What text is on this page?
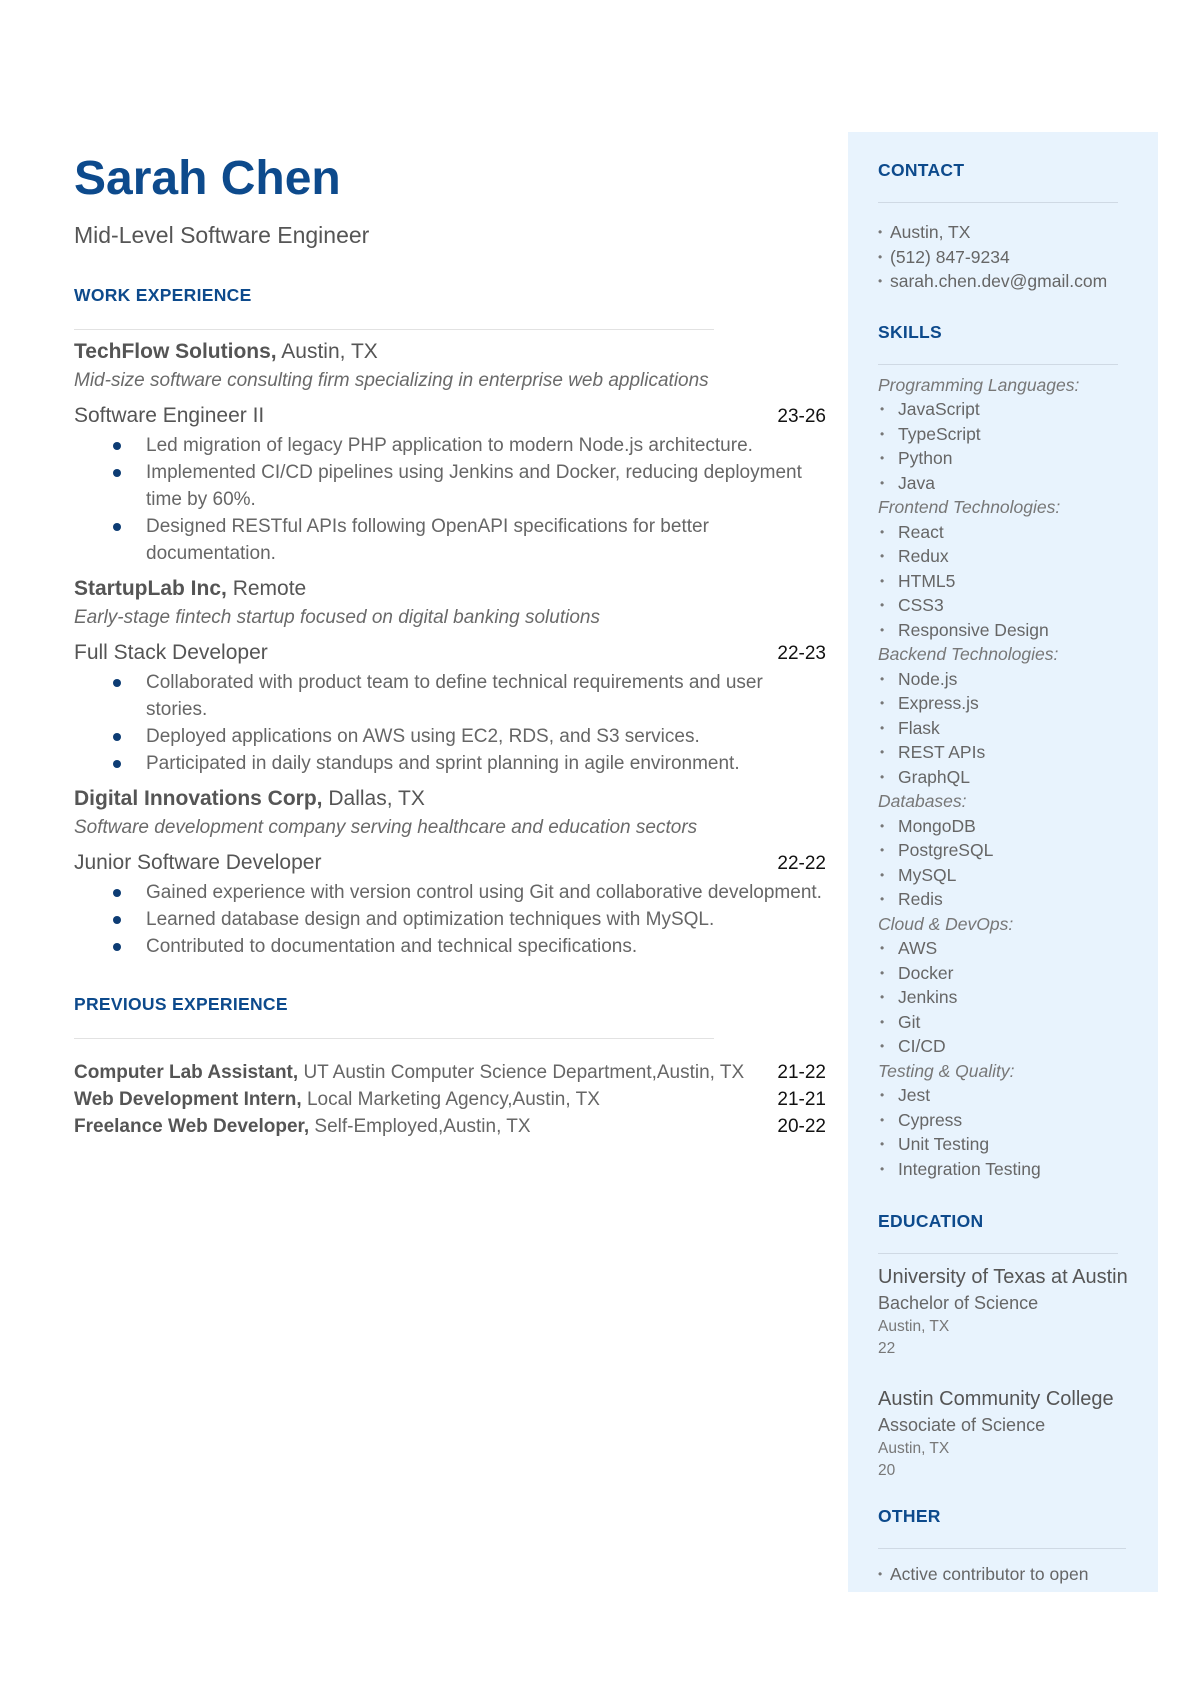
Sarah Chen
Mid-Level Software Engineer
WORK EXPERIENCE
TechFlow Solutions, Austin, TX
Mid-size software consulting firm specializing in enterprise web applications
Software Engineer II	23-26
Led migration of legacy PHP application to modern Node.js architecture.
Implemented CI/CD pipelines using Jenkins and Docker, reducing deployment time by 60%.
Designed RESTful APIs following OpenAPI specifications for better documentation.
StartupLab Inc, Remote
Early-stage fintech startup focused on digital banking solutions
Full Stack Developer	22-23
Collaborated with product team to define technical requirements and user stories.
Deployed applications on AWS using EC2, RDS, and S3 services.
Participated in daily standups and sprint planning in agile environment.
Digital Innovations Corp, Dallas, TX
Software development company serving healthcare and education sectors
Junior Software Developer	22-22
Gained experience with version control using Git and collaborative development.
Learned database design and optimization techniques with MySQL.
Contributed to documentation and technical specifications.
PREVIOUS EXPERIENCE
Computer Lab Assistant, UT Austin Computer Science Department,Austin, TX 21-22
Web Development Intern, Local Marketing Agency,Austin, TX	21-21
Freelance Web Developer, Self-Employed,Austin, TX	20-22
CONTACT
• Austin, TX
• (512) 847-9234
• sarah.chen.dev@gmail.com
SKILLS
Programming Languages:
• JavaScript
• TypeScript
• Python
• Java
Frontend Technologies:
• React
• Redux
• HTML5
• CSS3
• Responsive Design
Backend Technologies:
• Node.js
• Express.js
• Flask
• REST APIs
• GraphQL
Databases:
• MongoDB
• PostgreSQL
• MySQL
• Redis
Cloud & DevOps:
• AWS
• Docker
• Jenkins
• Git
• CI/CD
Testing & Quality:
• Jest
• Cypress
• Unit Testing
• Integration Testing
EDUCATION
University of Texas at Austin
Bachelor of Science
Austin, TX
22
Austin Community College
Associate of Science
Austin, TX
20
OTHER
• Active contributor to open
